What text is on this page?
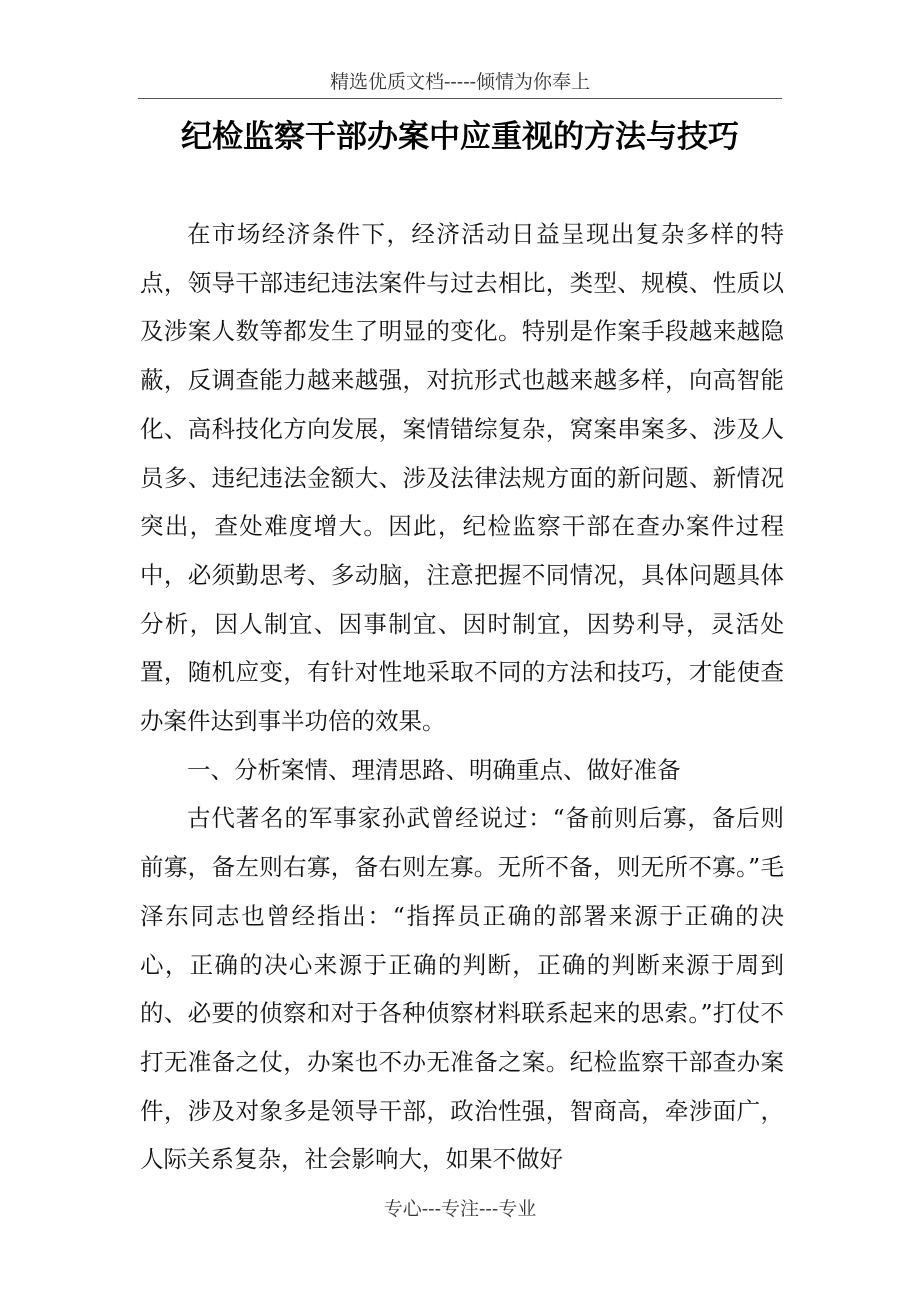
精选优质文档-----倾情为你奉上
纪检监察干部办案中应重视的方法与技巧

在市场经济条件下，经济活动日益呈现出复杂多样的特点，领导干部违纪违法案件与过去相比，类型、规模、性质以及涉案人数等都发生了明显的变化。特别是作案手段越来越隐蔽，反调查能力越来越强，对抗形式也越来越多样，向高智能化、高科技化方向发展，案情错综复杂，窝案串案多、涉及人员多、违纪违法金额大、涉及法律法规方面的新问题、新情况突出，查处难度增大。因此，纪检监察干部在查办案件过程中，必须勤思考、多动脑，注意把握不同情况，具体问题具体分析，因人制宜、因事制宜、因时制宜，因势利导，灵活处置，随机应变，有针对性地采取不同的方法和技巧，才能使查办案件达到事半功倍的效果。

一、分析案情、理清思路、明确重点、做好准备

古代著名的军事家孙武曾经说过：“备前则后寡，备后则前寡，备左则右寡，备右则左寡。无所不备，则无所不寡。”毛泽东同志也曾经指出：“指挥员正确的部署来源于正确的决心，正确的决心来源于正确的判断，正确的判断来源于周到的、必要的侦察和对于各种侦察材料联系起来的思索。”打仗不打无准备之仗，办案也不办无准备之案。纪检监察干部查办案件，涉及对象多是领导干部，政治性强，智商高，牵涉面广，人际关系复杂，社会影响大，如果不做好

专心---专注---专业
